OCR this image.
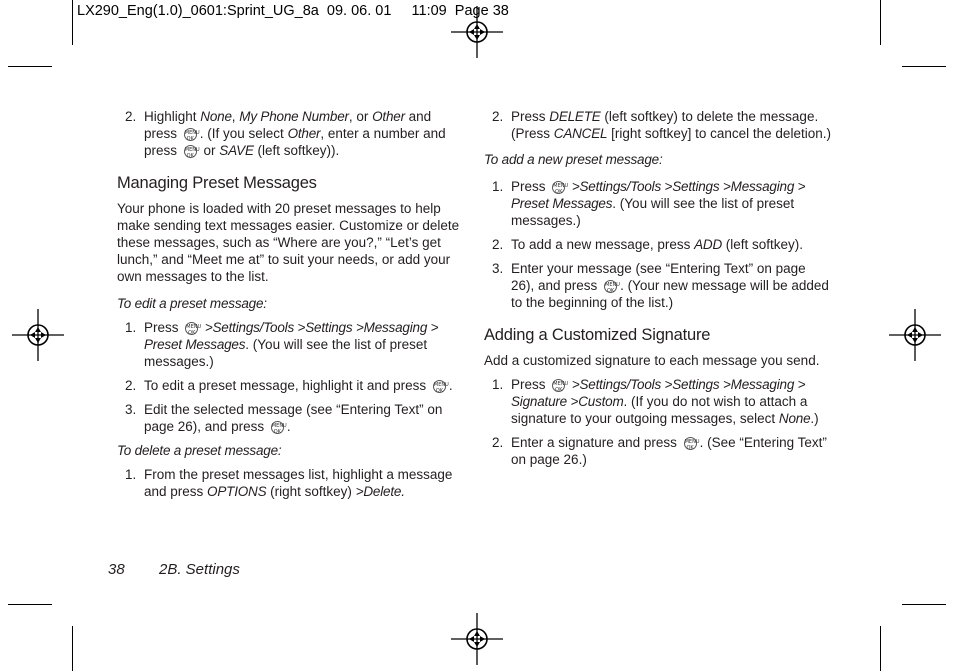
LX290_Eng(1.0)_0601:Sprint_UG_8a  09. 06. 01     11:09  Page 38
2. Highlight None, My Phone Number, or Other and press MENU
OK . (If you select Other, enter a number and press MENU
OK or SAVE (left softkey)).
Managing Preset Messages
Your phone is loaded with 20 preset messages to help make sending text messages easier. Customize or delete these messages, such as “Where are you?,” “Let’s get lunch,” and “Meet me at” to suit your needs, or add your own messages to the list.
To edit a preset message:
1. Press MENU
OK >Settings/Tools >Settings >Messaging > Preset Messages. (You will see the list of preset messages.)
2. To edit a preset message, highlight it and press MENU
OK .
3. Edit the selected message (see “Entering Text” on page 26), and press MENU
OK .
To delete a preset message:
1. From the preset messages list, highlight a message and press OPTIONS (right softkey) >Delete.
2. Press DELETE (left softkey) to delete the message. (Press CANCEL [right softkey] to cancel the deletion.)
To add a new preset message:
1. Press MENU
OK >Settings/Tools >Settings >Messaging > Preset Messages. (You will see the list of preset messages.)
2. To add a new message, press ADD (left softkey).
3. Enter your message (see “Entering Text” on page 26), and press MENU
OK . (Your new message will be added to the beginning of the list.)
Adding a Customized Signature
Add a customized signature to each message you send.
1. Press MENU
OK >Settings/Tools >Settings >Messaging > Signature >Custom. (If you do not wish to attach a signature to your outgoing messages, select None.)
2. Enter a signature and press MENU
OK . (See “Entering Text” on page 26.)
38 2B. Settings
